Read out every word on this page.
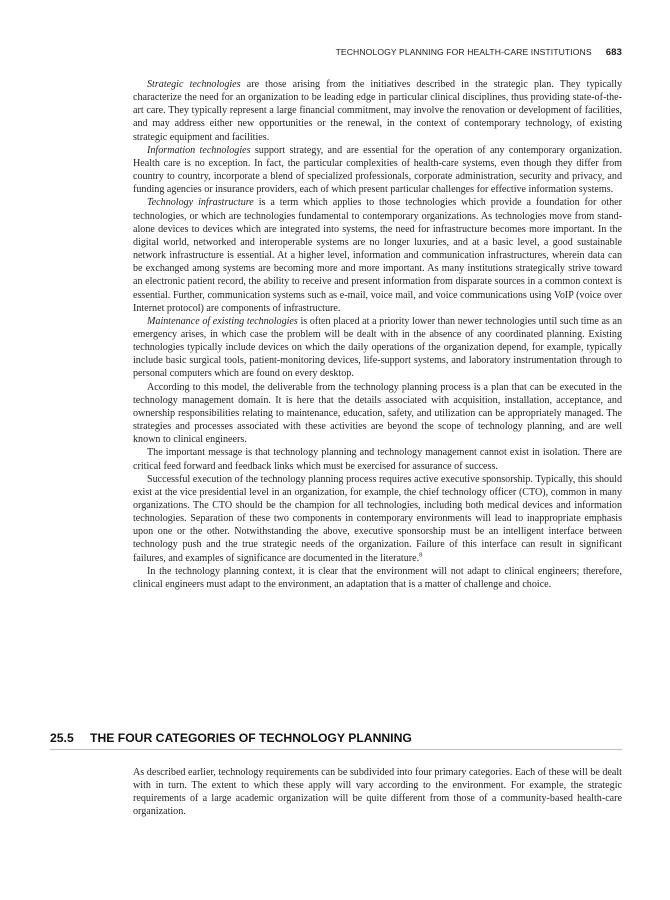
TECHNOLOGY PLANNING FOR HEALTH-CARE INSTITUTIONS 683

Strategic technologies are those arising from the initiatives described in the strategic plan. They typically characterize the need for an organization to be leading edge in particular clinical disciplines, thus providing state-of-the-art care. They typically represent a large financial commitment, may involve the renovation or development of facilities, and may address either new opportunities or the renewal, in the context of contemporary technology, of existing strategic equipment and facilities.

Information technologies support strategy, and are essential for the operation of any contemporary organization. Health care is no exception. In fact, the particular complexities of health-care systems, even though they differ from country to country, incorporate a blend of specialized professionals, corporate administration, security and privacy, and funding agencies or insurance providers, each of which present particular challenges for effective information systems.

Technology infrastructure is a term which applies to those technologies which provide a foundation for other technologies, or which are technologies fundamental to contemporary organizations. As technologies move from stand-alone devices to devices which are integrated into systems, the need for infrastructure becomes more important. In the digital world, networked and interoperable systems are no longer luxuries, and at a basic level, a good sustainable network infrastructure is essential. At a higher level, information and communication infrastructures, wherein data can be exchanged among systems are becoming more and more important. As many institutions strategically strive toward an electronic patient record, the ability to receive and present information from disparate sources in a common context is essential. Further, communication systems such as e-mail, voice mail, and voice communications using VoIP (voice over Internet protocol) are components of infrastructure.

Maintenance of existing technologies is often placed at a priority lower than newer technologies until such time as an emergency arises, in which case the problem will be dealt with in the absence of any coordinated planning. Existing technologies typically include devices on which the daily operations of the organization depend, for example, typically include basic surgical tools, patient-monitoring devices, life-support systems, and laboratory instrumentation through to personal computers which are found on every desktop.

According to this model, the deliverable from the technology planning process is a plan that can be executed in the technology management domain. It is here that the details associated with acquisition, installation, acceptance, and ownership responsibilities relating to maintenance, education, safety, and utilization can be appropriately managed. The strategies and processes associated with these activities are beyond the scope of technology planning, and are well known to clinical engineers.

The important message is that technology planning and technology management cannot exist in isolation. There are critical feed forward and feedback links which must be exercised for assurance of success.

Successful execution of the technology planning process requires active executive sponsorship. Typically, this should exist at the vice presidential level in an organization, for example, the chief technology officer (CTO), common in many organizations. The CTO should be the champion for all technologies, including both medical devices and information technologies. Separation of these two components in contemporary environments will lead to inappropriate emphasis upon one or the other. Notwithstanding the above, executive sponsorship must be an intelligent interface between technology push and the true strategic needs of the organization. Failure of this interface can result in significant failures, and examples of significance are documented in the literature.$^8$

In the technology planning context, it is clear that the environment will not adapt to clinical engineers; therefore, clinical engineers must adapt to the environment, an adaptation that is a matter of challenge and choice.

25.5 THE FOUR CATEGORIES OF TECHNOLOGY PLANNING

As described earlier, technology requirements can be subdivided into four primary categories. Each of these will be dealt with in turn. The extent to which these apply will vary according to the environment. For example, the strategic requirements of a large academic organization will be quite different from those of a community-based health-care organization.
